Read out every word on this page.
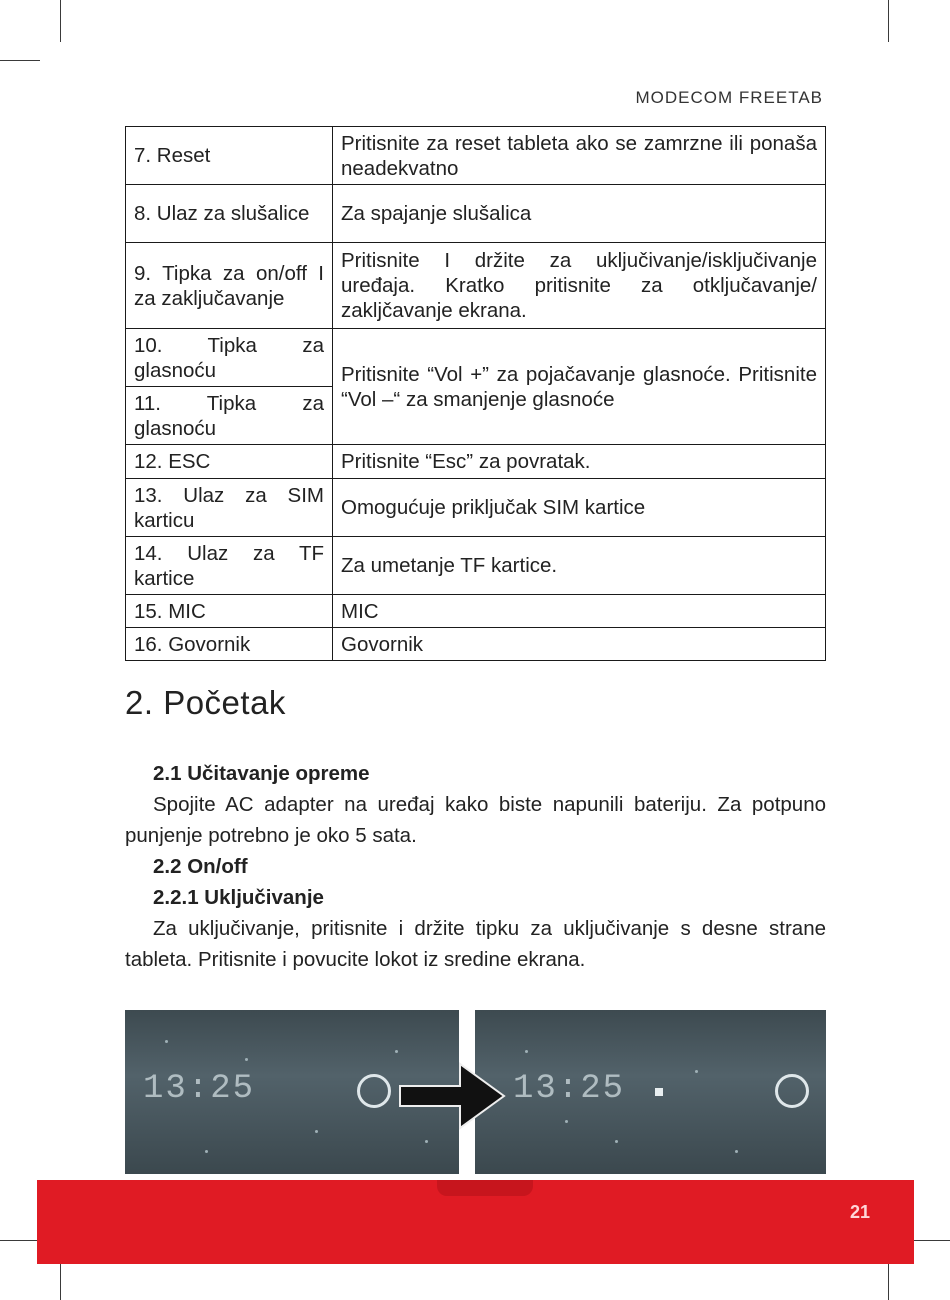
MODECOM FREETAB
7. Reset	Pritisnite za reset tableta ako se zamrzne ili ponaša neadekvatno
8. Ulaz za slušalice	Za spajanje slušalica
9. Tipka za on/off I za zaključavanje	Pritisnite I držite za uključivanje/isključivanje uređaja. Kratko pritisnite za otključavanje/ zakljčavanje ekrana.
10. Tipka za glasnoću	Pritisnite “Vol +” za pojačavanje glasnoće. Pritisnite “Vol –“ za smanjenje glasnoće
11. Tipka za glasnoću	
12. ESC	Pritisnite “Esc” za povratak.
13. Ulaz za SIM karticu	Omogućuje priključak SIM kartice
14. Ulaz za TF kartice	Za umetanje TF kartice.
15. MIC	MIC
16. Govornik	Govornik
2. Početak
2.1 Učitavanje opreme
Spojite AC adapter na uređaj kako biste napunili bateriju. Za potpuno punjenje potrebno je oko 5 sata.
2.2 On/off
2.2.1 Uključivanje
Za uključivanje, pritisnite i držite tipku za uključivanje s desne strane tableta. Pritisnite i povucite lokot iz sredine ekrana.
13:25	13:25
21
